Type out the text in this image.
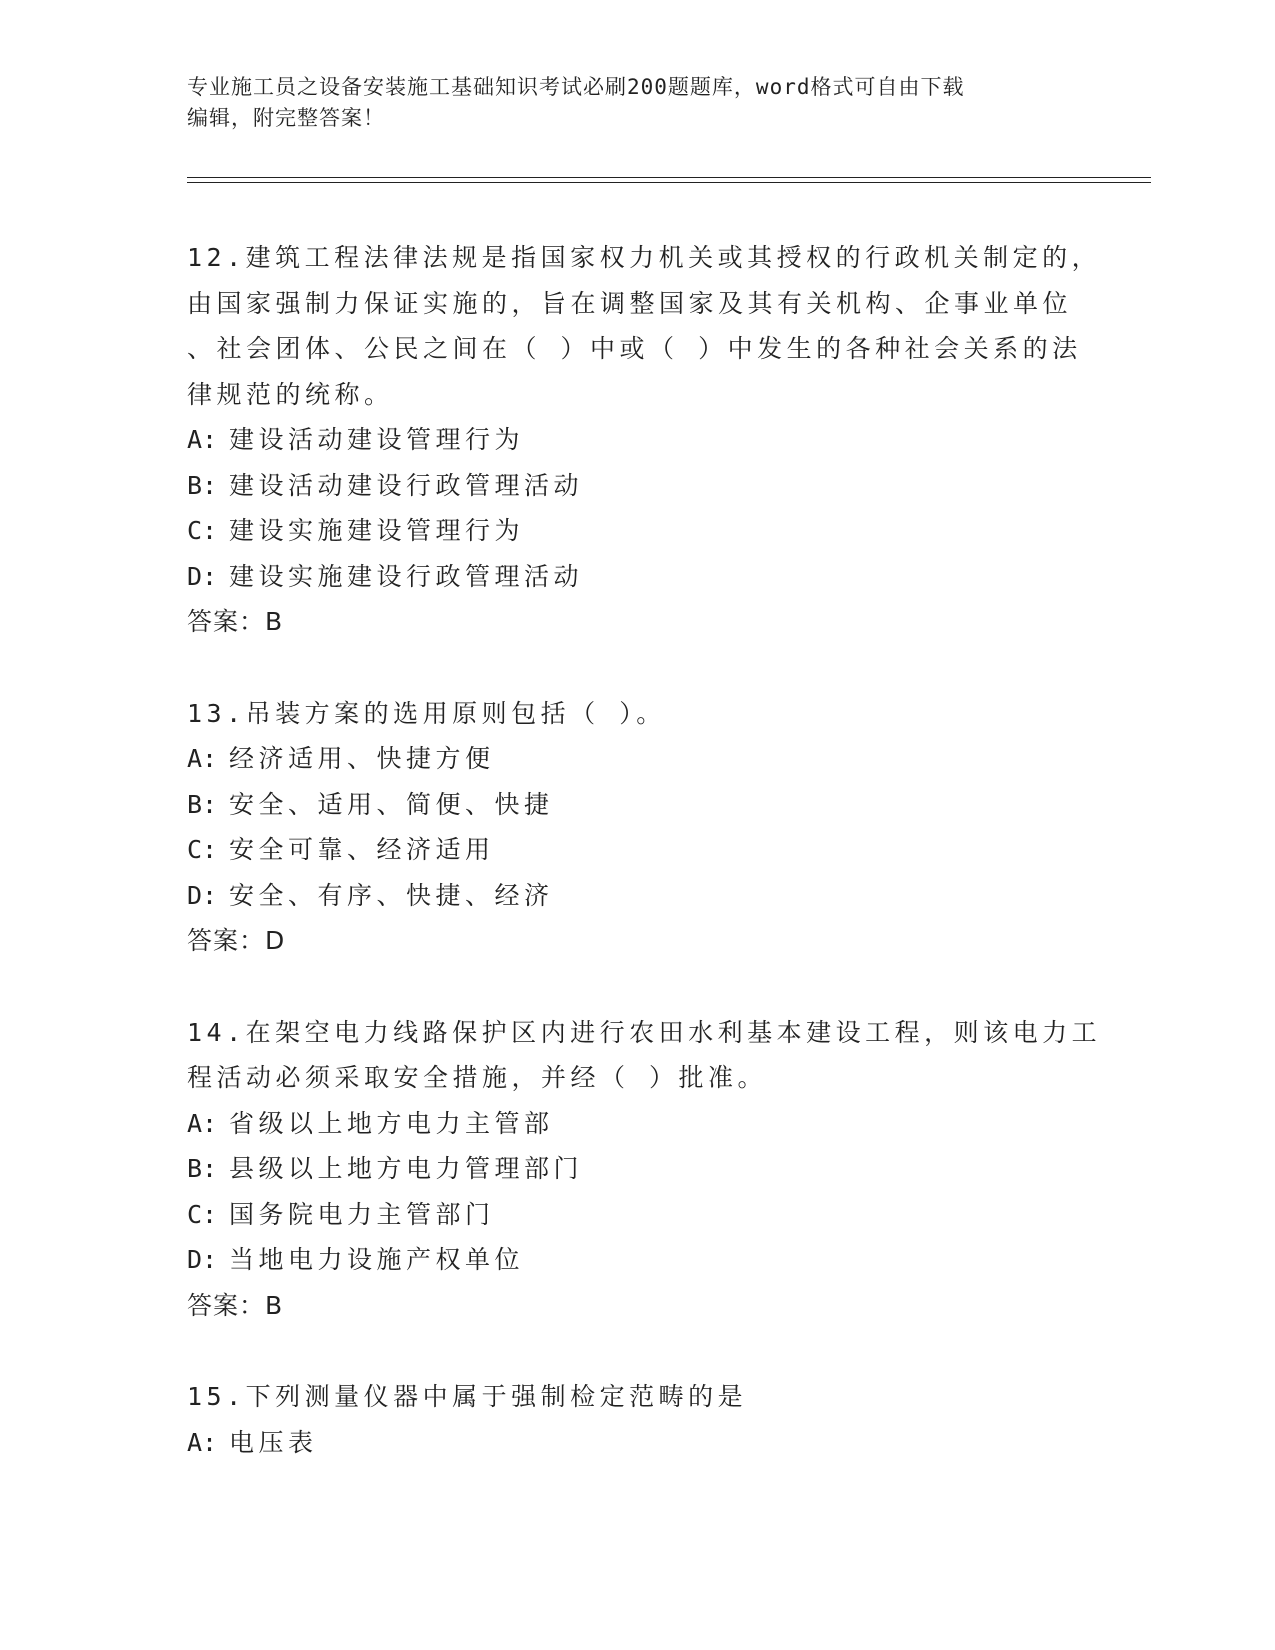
专业施工员之设备安装施工基础知识考试必刷200题题库，word格式可自由下载
编辑，附完整答案！
12.建筑工程法律法规是指国家权力机关或其授权的行政机关制定的，
由国家强制力保证实施的，旨在调整国家及其有关机构、企事业单位
、社会团体、公民之间在（ ）中或（ ）中发生的各种社会关系的法
律规范的统称。
A: 建设活动建设管理行为
B: 建设活动建设行政管理活动
C: 建设实施建设管理行为
D: 建设实施建设行政管理活动
答案：B
13.吊装方案的选用原则包括（ ）。
A: 经济适用、快捷方便
B: 安全、适用、简便、快捷
C: 安全可靠、经济适用
D: 安全、有序、快捷、经济
答案：D
14.在架空电力线路保护区内进行农田水利基本建设工程，则该电力工
程活动必须采取安全措施，并经（ ）批准。
A: 省级以上地方电力主管部
B: 县级以上地方电力管理部门
C: 国务院电力主管部门
D: 当地电力设施产权单位
答案：B
15.下列测量仪器中属于强制检定范畴的是
A: 电压表
